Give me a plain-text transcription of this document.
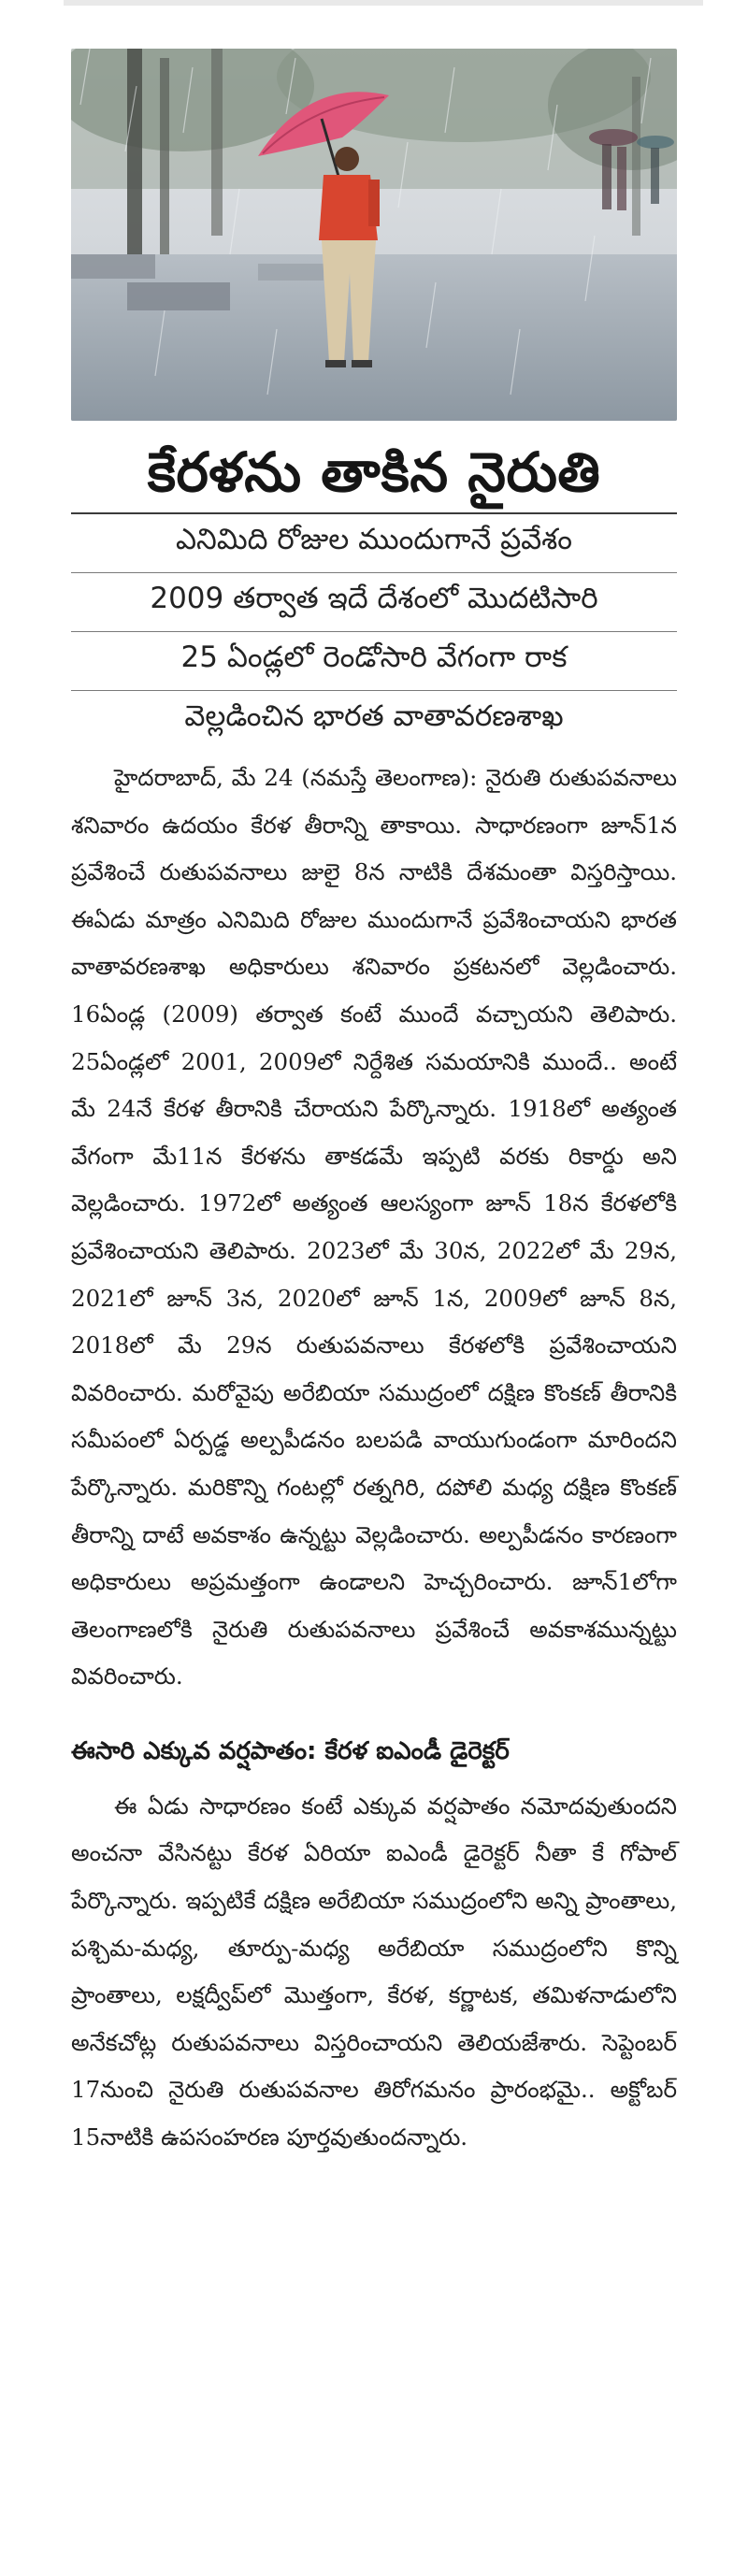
కేరళను తాకిన నైరుతి
ఎనిమిది రోజుల ముందుగానే ప్రవేశం
2009 తర్వాత ఇదే దేశంలో మొదటిసారి
25 ఏండ్లలో రెండోసారి వేగంగా రాక
వెల్లడించిన భారత వాతావరణశాఖ

హైదరాబాద్, మే 24 (నమస్తే తెలంగాణ): నైరుతి రుతుపవనాలు శనివారం ఉదయం కేరళ తీరాన్ని తాకాయి. సాధారణంగా జూన్1న ప్రవేశించే రుతుపవనాలు జులై 8న నాటికి దేశమంతా విస్తరిస్తాయి. ఈఏడు మాత్రం ఎనిమిది రోజుల ముందుగానే ప్రవేశించాయని భారత వాతావరణశాఖ అధికారులు శనివారం ప్రకటనలో వెల్లడించారు. 16ఏండ్ల (2009) తర్వాత కంటే ముందే వచ్చాయని తెలిపారు. 25ఏండ్లలో 2001, 2009లో నిర్దేశిత సమయానికి ముందే.. అంటే మే 24నే కేరళ తీరానికి చేరాయని పేర్కొన్నారు. 1918లో అత్యంత వేగంగా మే11న కేరళను తాకడమే ఇప్పటి వరకు రికార్డు అని వెల్లడించారు. 1972లో అత్యంత ఆలస్యంగా జూన్ 18న కేరళలోకి ప్రవేశించాయని తెలిపారు. 2023లో మే 30న, 2022లో మే 29న, 2021లో జూన్ 3న, 2020లో జూన్ 1న, 2009లో జూన్ 8న, 2018లో మే 29న రుతుపవనాలు కేరళలోకి ప్రవేశించాయని వివరించారు. మరోవైపు అరేబియా సముద్రంలో దక్షిణ కొంకణ్ తీరానికి సమీపంలో ఏర్పడ్డ అల్పపీడనం బలపడి వాయుగుండంగా మారిందని పేర్కొన్నారు. మరికొన్ని గంటల్లో రత్నగిరి, దపోలి మధ్య దక్షిణ కొంకణ్ తీరాన్ని దాటే అవకాశం ఉన్నట్టు వెల్లడించారు. అల్పపీడనం కారణంగా అధికారులు అప్రమత్తంగా ఉండాలని హెచ్చరించారు. జూన్1లోగా తెలంగాణలోకి నైరుతి రుతుపవనాలు ప్రవేశించే అవకాశమున్నట్టు వివరించారు.

ఈసారి ఎక్కువ వర్షపాతం: కేరళ ఐఎండీ డైరెక్టర్

ఈ ఏడు సాధారణం కంటే ఎక్కువ వర్షపాతం నమోదవుతుందని అంచనా వేసినట్టు కేరళ ఏరియా ఐఎండీ డైరెక్టర్ నీతా కే గోపాల్ పేర్కొన్నారు. ఇప్పటికే దక్షిణ అరేబియా సముద్రంలోని అన్ని ప్రాంతాలు, పశ్చిమ-మధ్య, తూర్పు-మధ్య అరేబియా సముద్రంలోని కొన్ని ప్రాంతాలు, లక్షద్వీప్‌లో మొత్తంగా, కేరళ, కర్ణాటక, తమిళనాడులోని అనేకచోట్ల రుతుపవనాలు విస్తరించాయని తెలియజేశారు. సెప్టెంబర్ 17నుంచి నైరుతి రుతుపవనాల తిరోగమనం ప్రారంభమై.. అక్టోబర్ 15నాటికి ఉపసంహరణ పూర్తవుతుందన్నారు.
